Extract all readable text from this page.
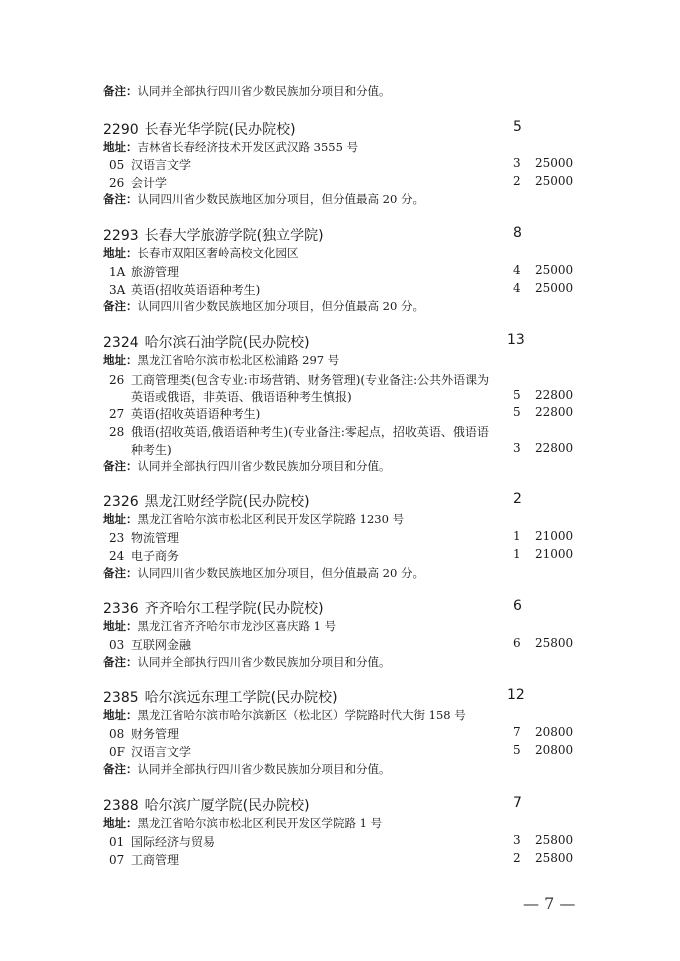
备注：认同并全部执行四川省少数民族加分项目和分值。
2290 长春光华学院(民办院校)	5
地址：吉林省长春经济技术开发区武汉路 3555 号
05 汉语言文学	3 25000
26 会计学	2 25000
备注：认同四川省少数民族地区加分项目，但分值最高 20 分。
2293 长春大学旅游学院(独立学院)	8
地址：长春市双阳区奢岭高校文化园区
1A 旅游管理	4 25000
3A 英语(招收英语语种考生)	4 25000
备注：认同四川省少数民族地区加分项目，但分值最高 20 分。
2324 哈尔滨石油学院(民办院校)	13
地址：黑龙江省哈尔滨市松北区松浦路 297 号
26 工商管理类(包含专业:市场营销、财务管理)(专业备注:公共外语课为
英语或俄语，非英语、俄语语种考生慎报)	5 22800
27 英语(招收英语语种考生)	5 22800
28 俄语(招收英语,俄语语种考生)(专业备注:零起点，招收英语、俄语语
种考生)	3 22800
备注：认同并全部执行四川省少数民族加分项目和分值。
2326 黑龙江财经学院(民办院校)	2
地址：黑龙江省哈尔滨市松北区利民开发区学院路 1230 号
23 物流管理	1 21000
24 电子商务	1 21000
备注：认同四川省少数民族地区加分项目，但分值最高 20 分。
2336 齐齐哈尔工程学院(民办院校)	6
地址：黑龙江省齐齐哈尔市龙沙区喜庆路 1 号
03 互联网金融	6 25800
备注：认同并全部执行四川省少数民族加分项目和分值。
2385 哈尔滨远东理工学院(民办院校)	12
地址：黑龙江省哈尔滨市哈尔滨新区（松北区）学院路时代大街 158 号
08 财务管理	7 20800
0F 汉语言文学	5 20800
备注：认同并全部执行四川省少数民族加分项目和分值。
2388 哈尔滨广厦学院(民办院校)	7
地址：黑龙江省哈尔滨市松北区利民开发区学院路 1 号
01 国际经济与贸易	3 25800
07 工商管理	2 25800
— 7 —
